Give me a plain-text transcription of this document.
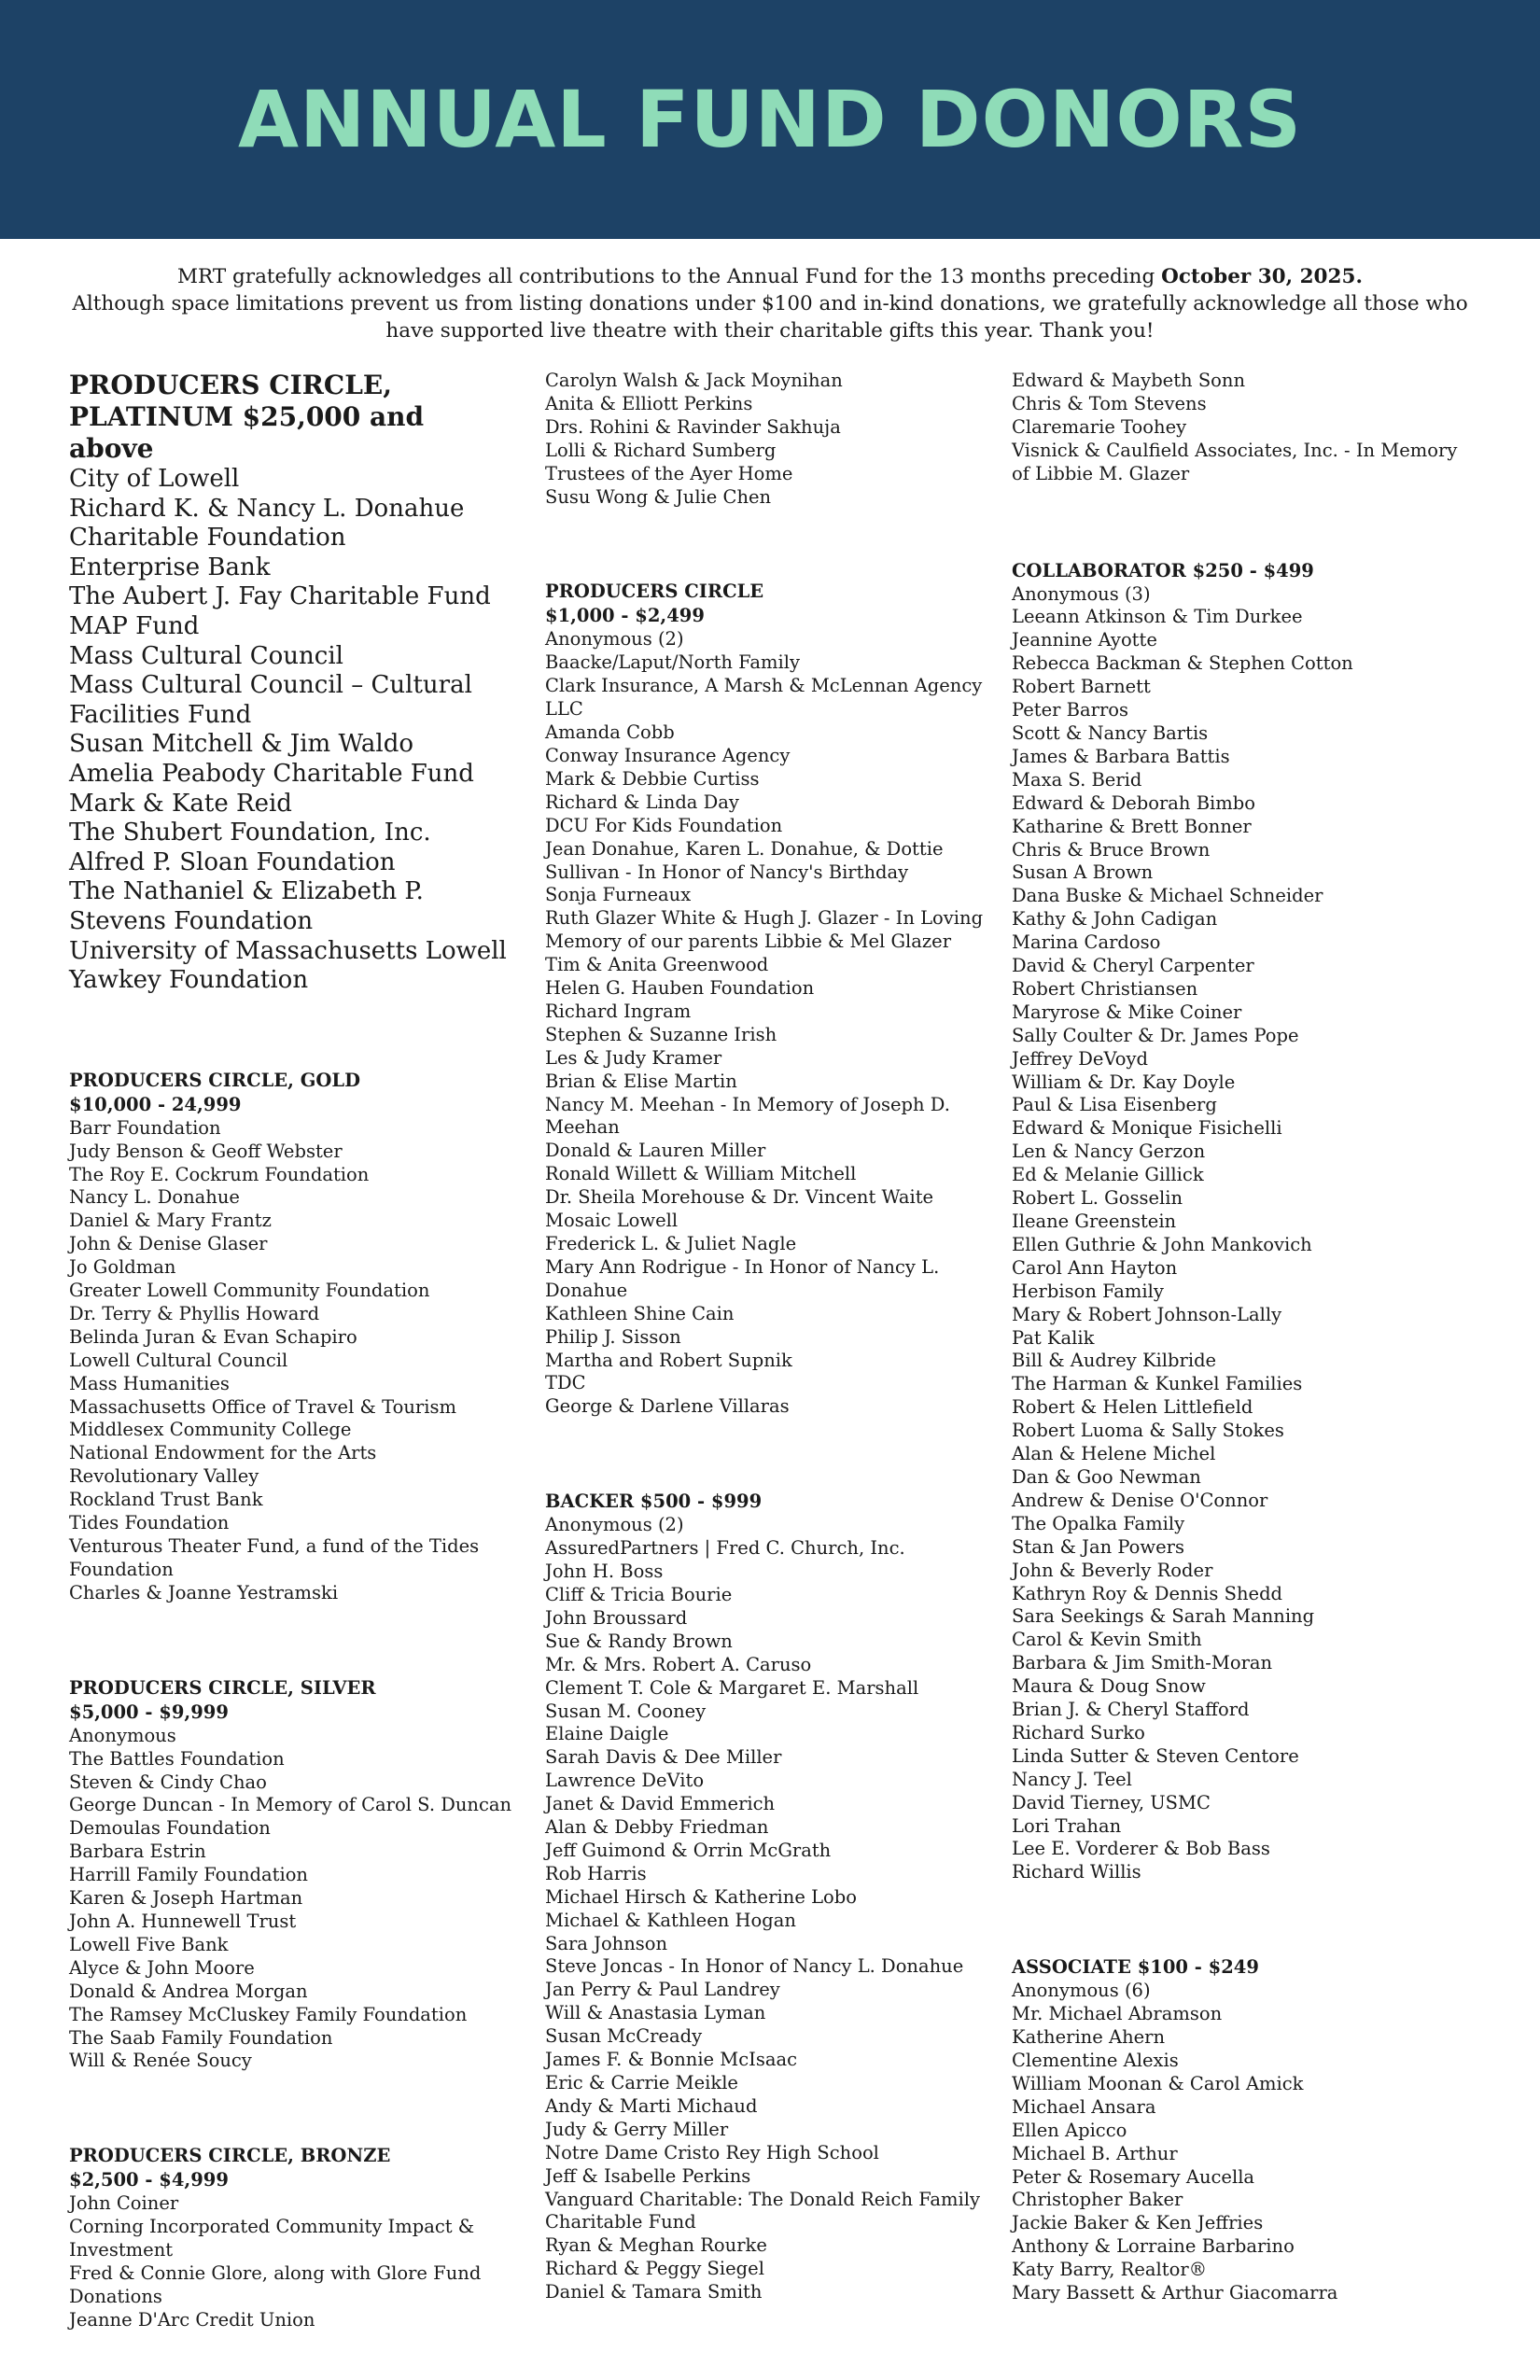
ANNUAL FUND DONORS

MRT gratefully acknowledges all contributions to the Annual Fund for the 13 months preceding October 30, 2025.

Although space limitations prevent us from listing donations under $100 and in-kind donations, we gratefully acknowledge all those who have supported live theatre with their charitable gifts this year. Thank you!

PRODUCERS CIRCLE,
PLATINUM $25,000 and above
City of Lowell
Richard K. & Nancy L. Donahue Charitable Foundation
Enterprise Bank
The Aubert J. Fay Charitable Fund
MAP Fund
Mass Cultural Council
Mass Cultural Council – Cultural Facilities Fund
Susan Mitchell & Jim Waldo
Amelia Peabody Charitable Fund
Mark & Kate Reid
The Shubert Foundation, Inc.
Alfred P. Sloan Foundation
The Nathaniel & Elizabeth P. Stevens Foundation
University of Massachusetts Lowell
Yawkey Foundation
PRODUCERS CIRCLE, GOLD
$10,000 - 24,999
Barr Foundation
Judy Benson & Geoff Webster
The Roy E. Cockrum Foundation
Nancy L. Donahue
Daniel & Mary Frantz
John & Denise Glaser
Jo Goldman
Greater Lowell Community Foundation
Dr. Terry & Phyllis Howard
Belinda Juran & Evan Schapiro
Lowell Cultural Council
Mass Humanities
Massachusetts Office of Travel & Tourism
Middlesex Community College
National Endowment for the Arts
Revolutionary Valley
Rockland Trust Bank
Tides Foundation
Venturous Theater Fund, a fund of the Tides Foundation
Charles & Joanne Yestramski
PRODUCERS CIRCLE, SILVER
$5,000 - $9,999
Anonymous
The Battles Foundation
Steven & Cindy Chao
George Duncan - In Memory of Carol S. Duncan
Demoulas Foundation
Barbara Estrin
Harrill Family Foundation
Karen & Joseph Hartman
John A. Hunnewell Trust
Lowell Five Bank
Alyce & John Moore
Donald & Andrea Morgan
The Ramsey McCluskey Family Foundation
The Saab Family Foundation
Will & Renée Soucy
PRODUCERS CIRCLE, BRONZE
$2,500 - $4,999
John Coiner
Corning Incorporated Community Impact & Investment
Fred & Connie Glore, along with Glore Fund Donations
Jeanne D'Arc Credit Union
Carolyn Walsh & Jack Moynihan
Anita & Elliott Perkins
Drs. Rohini & Ravinder Sakhuja
Lolli & Richard Sumberg
Trustees of the Ayer Home
Susu Wong & Julie Chen
PRODUCERS CIRCLE
$1,000 - $2,499
Anonymous (2)
Baacke/Laput/North Family
Clark Insurance, A Marsh & McLennan Agency LLC
Amanda Cobb
Conway Insurance Agency
Mark & Debbie Curtiss
Richard & Linda Day
DCU For Kids Foundation
Jean Donahue, Karen L. Donahue, & Dottie Sullivan - In Honor of Nancy's Birthday
Sonja Furneaux
Ruth Glazer White & Hugh J. Glazer - In Loving Memory of our parents Libbie & Mel Glazer
Tim & Anita Greenwood
Helen G. Hauben Foundation
Richard Ingram
Stephen & Suzanne Irish
Les & Judy Kramer
Brian & Elise Martin
Nancy M. Meehan - In Memory of Joseph D. Meehan
Donald & Lauren Miller
Ronald Willett & William Mitchell
Dr. Sheila Morehouse & Dr. Vincent Waite
Mosaic Lowell
Frederick L. & Juliet Nagle
Mary Ann Rodrigue - In Honor of Nancy L. Donahue
Kathleen Shine Cain
Philip J. Sisson
Martha and Robert Supnik
TDC
George & Darlene Villaras
BACKER $500 - $999
Anonymous (2)
AssuredPartners | Fred C. Church, Inc.
John H. Boss
Cliff & Tricia Bourie
John Broussard
Sue & Randy Brown
Mr. & Mrs. Robert A. Caruso
Clement T. Cole & Margaret E. Marshall
Susan M. Cooney
Elaine Daigle
Sarah Davis & Dee Miller
Lawrence DeVito
Janet & David Emmerich
Alan & Debby Friedman
Jeff Guimond & Orrin McGrath
Rob Harris
Michael Hirsch & Katherine Lobo
Michael & Kathleen Hogan
Sara Johnson
Steve Joncas - In Honor of Nancy L. Donahue
Jan Perry & Paul Landrey
Will & Anastasia Lyman
Susan McCready
James F. & Bonnie McIsaac
Eric & Carrie Meikle
Andy & Marti Michaud
Judy & Gerry Miller
Notre Dame Cristo Rey High School
Jeff & Isabelle Perkins
Vanguard Charitable: The Donald Reich Family Charitable Fund
Ryan & Meghan Rourke
Richard & Peggy Siegel
Daniel & Tamara Smith
Edward & Maybeth Sonn
Chris & Tom Stevens
Claremarie Toohey
Visnick & Caulfield Associates, Inc. - In Memory of Libbie M. Glazer
COLLABORATOR $250 - $499
Anonymous (3)
Leeann Atkinson & Tim Durkee
Jeannine Ayotte
Rebecca Backman & Stephen Cotton
Robert Barnett
Peter Barros
Scott & Nancy Bartis
James & Barbara Battis
Maxa S. Berid
Edward & Deborah Bimbo
Katharine & Brett Bonner
Chris & Bruce Brown
Susan A Brown
Dana Buske & Michael Schneider
Kathy & John Cadigan
Marina Cardoso
David & Cheryl Carpenter
Robert Christiansen
Maryrose & Mike Coiner
Sally Coulter & Dr. James Pope
Jeffrey DeVoyd
William & Dr. Kay Doyle
Paul & Lisa Eisenberg
Edward & Monique Fisichelli
Len & Nancy Gerzon
Ed & Melanie Gillick
Robert L. Gosselin
Ileane Greenstein
Ellen Guthrie & John Mankovich
Carol Ann Hayton
Herbison Family
Mary & Robert Johnson-Lally
Pat Kalik
Bill & Audrey Kilbride
The Harman & Kunkel Families
Robert & Helen Littlefield
Robert Luoma & Sally Stokes
Alan & Helene Michel
Dan & Goo Newman
Andrew & Denise O'Connor
The Opalka Family
Stan & Jan Powers
John & Beverly Roder
Kathryn Roy & Dennis Shedd
Sara Seekings & Sarah Manning
Carol & Kevin Smith
Barbara & Jim Smith-Moran
Maura & Doug Snow
Brian J. & Cheryl Stafford
Richard Surko
Linda Sutter & Steven Centore
Nancy J. Teel
David Tierney, USMC
Lori Trahan
Lee E. Vorderer & Bob Bass
Richard Willis
ASSOCIATE $100 - $249
Anonymous (6)
Mr. Michael Abramson
Katherine Ahern
Clementine Alexis
William Moonan & Carol Amick
Michael Ansara
Ellen Apicco
Michael B. Arthur
Peter & Rosemary Aucella
Christopher Baker
Jackie Baker & Ken Jeffries
Anthony & Lorraine Barbarino
Katy Barry, Realtor®
Mary Bassett & Arthur Giacomarra
